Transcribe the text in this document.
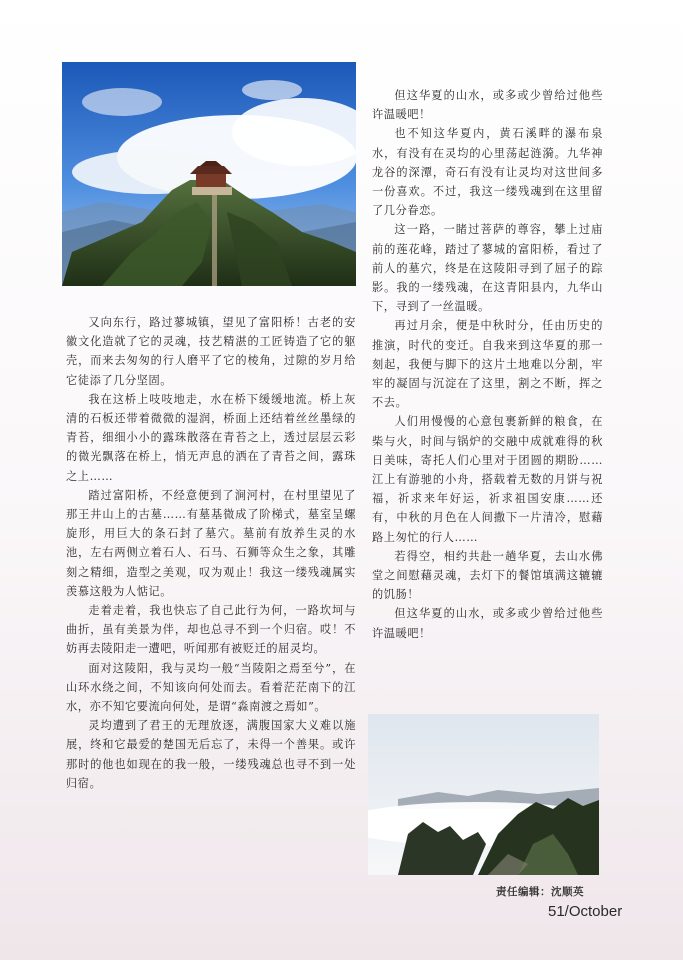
又向东行，路过蓼城镇，望见了富阳桥！古老的安徽文化造就了它的灵魂，技艺精湛的工匠铸造了它的躯壳，而来去匆匆的行人磨平了它的棱角，过隙的岁月给它徒添了几分坚固。

我在这桥上吱吱地走，水在桥下缓缓地流。桥上灰清的石板还带着微微的湿润，桥面上还结着丝丝墨绿的青苔，细细小小的露珠散落在青苔之上，透过层层云彩的微光飘落在桥上，悄无声息的洒在了青苔之间，露珠之上……

踏过富阳桥，不经意便到了涧河村，在村里望见了那王井山上的古墓……有墓基微成了阶梯式，墓室呈螺旋形，用巨大的条石封了墓穴。墓前有放养生灵的水池，左右两侧立着石人、石马、石狮等众生之象，其雕刻之精细，造型之美观，叹为观止！我这一缕残魂属实羡慕这般为人惦记。

走着走着，我也快忘了自己此行为何，一路坎坷与曲折，虽有美景为伴，却也总寻不到一个归宿。哎！不妨再去陵阳走一遭吧，听闻那有被贬迁的屈灵均。

面对这陵阳，我与灵均一般“当陵阳之焉至兮”，在山环水绕之间，不知该向何处而去。看着茫茫南下的江水，亦不知它要流向何处，是谓“淼南渡之焉如”。

灵均遭到了君王的无理放逐，满腹国家大义难以施展，终和它最爱的楚国无后忘了，未得一个善果。或许那时的他也如现在的我一般，一缕残魂总也寻不到一处归宿。

但这华夏的山水，或多或少曾给过他些许温暖吧！

也不知这华夏内，黄石溪畔的瀑布泉水，有没有在灵均的心里荡起涟漪。九华神龙谷的深潭，奇石有没有让灵均对这世间多一份喜欢。不过，我这一缕残魂到在这里留了几分眷恋。

这一路，一睹过菩萨的尊容，攀上过庙前的莲花峰，踏过了蓼城的富阳桥，看过了前人的墓穴，终是在这陵阳寻到了屈子的踪影。我的一缕残魂，在这青阳县内，九华山下，寻到了一丝温暖。

再过月余，便是中秋时分，任由历史的推演，时代的变迁。自我来到这华夏的那一刻起，我便与脚下的这片土地难以分割，牢牢的凝固与沉淀在了这里，割之不断，挥之不去。

人们用慢慢的心意包裹新鲜的粮食，在柴与火，时间与锅炉的交融中成就难得的秋日美味，寄托人们心里对于团圆的期盼……江上有游驰的小舟，搭载着无数的月饼与祝福，祈求来年好运，祈求祖国安康……还有，中秋的月色在人间撒下一片清冷，慰藉路上匆忙的行人……

若得空，相约共赴一趟华夏，去山水佛堂之间慰藉灵魂，去灯下的餐馆填满这辘辘的饥肠！

但这华夏的山水，或多或少曾给过他些许温暖吧！

责任编辑：沈顺英
51/October
